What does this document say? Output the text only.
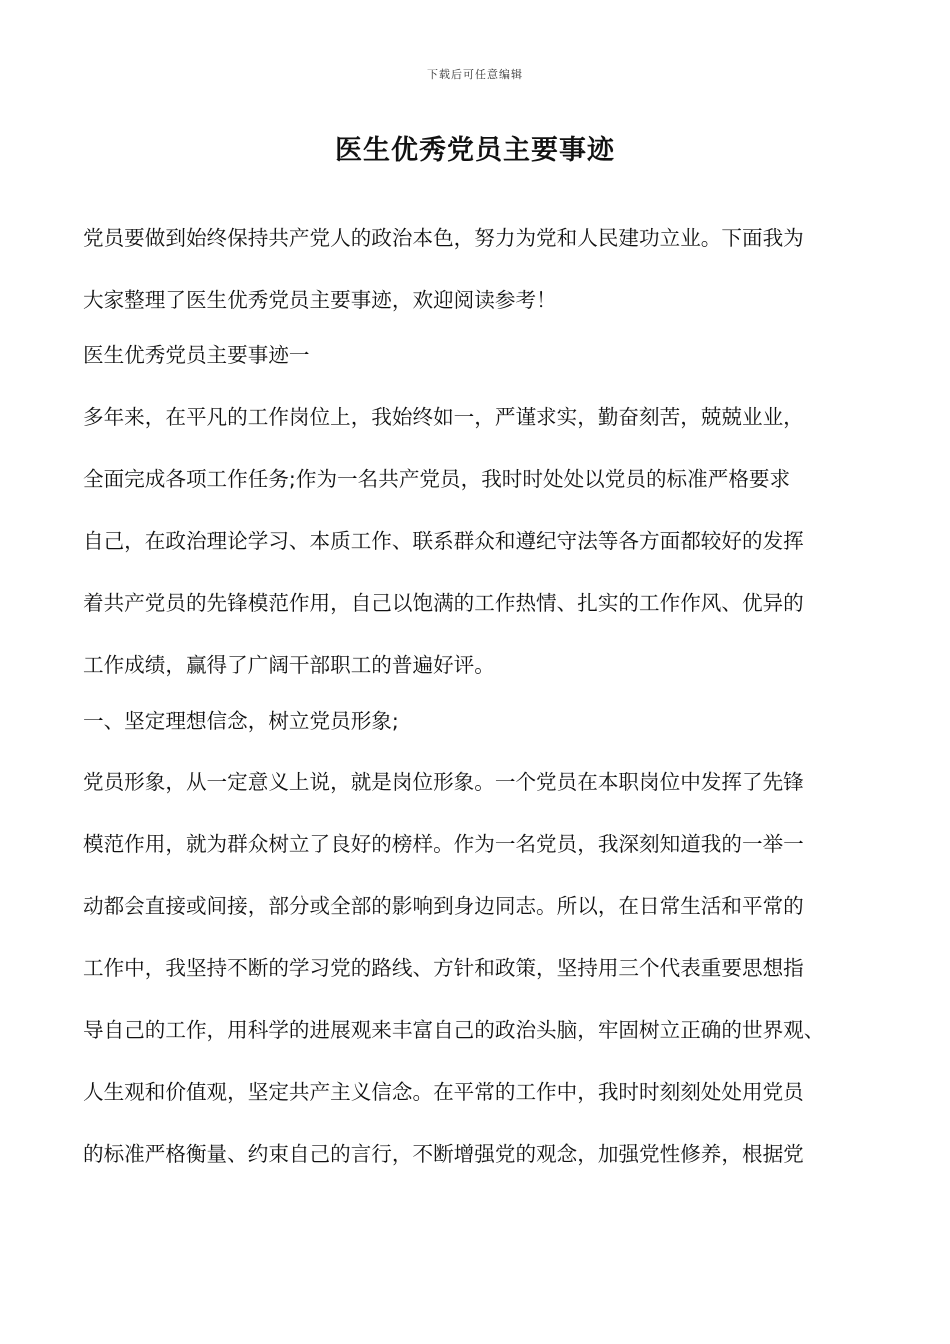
下载后可任意编辑
医生优秀党员主要事迹

党员要做到始终保持共产党人的政治本色，努力为党和人民建功立业。下面我为

大家整理了医生优秀党员主要事迹，欢迎阅读参考！

医生优秀党员主要事迹一

多年来，在平凡的工作岗位上，我始终如一，严谨求实，勤奋刻苦，兢兢业业，

全面完成各项工作任务;作为一名共产党员，我时时处处以党员的标准严格要求

自己，在政治理论学习、本质工作、联系群众和遵纪守法等各方面都较好的发挥

着共产党员的先锋模范作用，自己以饱满的工作热情、扎实的工作作风、优异的

工作成绩，赢得了广阔干部职工的普遍好评。

一、坚定理想信念，树立党员形象;

党员形象，从一定意义上说，就是岗位形象。一个党员在本职岗位中发挥了先锋

模范作用，就为群众树立了良好的榜样。作为一名党员，我深刻知道我的一举一

动都会直接或间接，部分或全部的影响到身边同志。所以，在日常生活和平常的

工作中，我坚持不断的学习党的路线、方针和政策，坚持用三个代表重要思想指

导自己的工作，用科学的进展观来丰富自己的政治头脑，牢固树立正确的世界观、

人生观和价值观，坚定共产主义信念。在平常的工作中，我时时刻刻处处用党员

的标准严格衡量、约束自己的言行，不断增强党的观念，加强党性修养，根据党
